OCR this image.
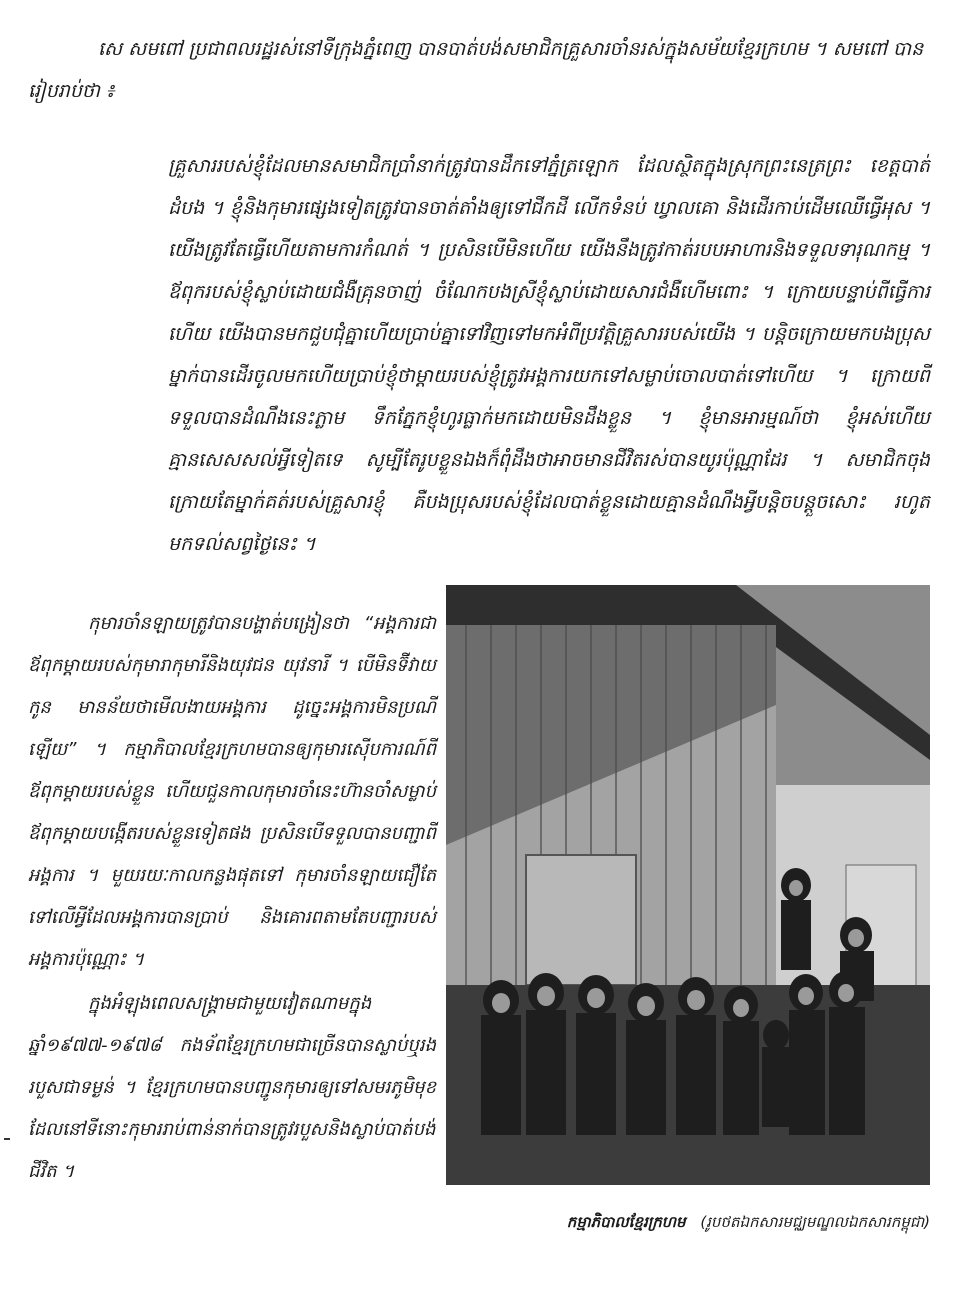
សេ សមពៅ ប្រជាពលរដ្ឋរស់នៅទីក្រុងភ្នំពេញ បានបាត់បង់សមាជិកគ្រួសារចាំនរស់ក្នុងសម័យខ្មែរក្រហម ។ សមពៅ បានរៀបរាប់ថា ៖

គ្រួសាររបស់ខ្ញុំដែលមានសមាជិកប្រាំនាក់ត្រូវបានដឹកទៅភ្នំត្រឡោក ដែលស្ថិតក្នុងស្រុកព្រះនេត្រព្រះ ខេត្តបាត់ដំបង ។ ខ្ញុំនិងកុមារផ្សេងទៀតត្រូវបានចាត់តាំងឲ្យទៅជីកដី លើកទំនប់ ឃ្វាលគោ និងដើរកាប់ដើមឈើធ្វើអុស ។ យើងត្រូវតែធ្វើហើយតាមការកំណត់ ។ ប្រសិនបើមិនហើយ យើងនឹងត្រូវកាត់របបអាហារនិងទទួលទារុណកម្ម ។ ឪពុករបស់ខ្ញុំស្លាប់ដោយជំងឺគ្រុនចាញ់ ចំណែកបងស្រីខ្ញុំស្លាប់ដោយសារជំងឺហើមពោះ ។ ក្រោយបន្ទាប់ពីធ្វើការហើយ យើងបានមកជួបជុំគ្នាហើយប្រាប់គ្នាទៅវិញទៅមកអំពីប្រវត្តិគ្រួសាររបស់យើង ។ បន្តិចក្រោយមកបងប្រុសម្នាក់បានដើរចូលមកហើយប្រាប់ខ្ញុំថាម្ដាយរបស់ខ្ញុំត្រូវអង្គការយកទៅសម្លាប់ចោលបាត់ទៅហើយ ។ ក្រោយពីទទួលបានដំណឹងនេះភ្លាម ទឹកភ្នែកខ្ញុំហូរធ្លាក់មកដោយមិនដឹងខ្លួន ។ ខ្ញុំមានអារម្មណ៍ថា ខ្ញុំអស់ហើយ គ្មានសេសសល់អ្វីទៀតទេ សូម្បីតែរូបខ្លួនឯងក៏ពុំដឹងថាអាចមានជីវិតរស់បានយូរប៉ុណ្ណាដែរ ។ សមាជិកចុងក្រោយតែម្នាក់គត់របស់គ្រួសារខ្ញុំ គឺបងប្រុសរបស់ខ្ញុំដែលបាត់ខ្លួនដោយគ្មានដំណឹងអ្វីបន្តិចបន្តួចសោះ រហូតមកទល់សព្វថ្ងៃនេះ ។

កុមារចាំនឡាយត្រូវបានបង្ហាត់បង្រៀនថា “អង្គការជាឪពុកម្ដាយរបស់កុមារាកុមារីនិងយុវជន យុវនារី ។ បើមិនទ៊ីវាយកូន មានន័យថាមើលងាយអង្គការ ដូច្នេះអង្គការមិនប្រណីឡើយ” ។ កម្មាភិបាលខ្មែរក្រហមបានឲ្យកុមារស៊ើបការណ៍ពីឪពុកម្ដាយរបស់ខ្លួន ហើយជួនកាលកុមារចាំនេះហ៊ានចាំសម្លាប់ឪពុកម្ដាយបង្កើតរបស់ខ្លួនទៀតផង ប្រសិនបើទទួលបានបញ្ជាពីអង្គការ ។ មួយរយៈកាលកន្លងផុតទៅ កុមារចាំនឡាយជឿតែទៅលើអ្វីដែលអង្គការបានប្រាប់ និងគោរពតាមតែបញ្ជារបស់អង្គការប៉ុណ្ណោះ ។

ក្នុងអំឡុងពេលសង្គ្រាមជាមួយវៀតណាមក្នុងឆ្នាំ១៩៧៧-១៩៧៨ កងទ័ពខ្មែរក្រហមជាច្រើនបានស្លាប់ឬរងរបួសជាទម្ងន់ ។ ខ្មែរក្រហមបានបញ្ជូនកុមារឲ្យទៅសមរភូមិមុខ ដែលនៅទីនោះកុមាររាប់ពាន់នាក់បានត្រូវរបួសនិងស្លាប់បាត់បង់ជីវិត ។

កម្មាភិបាលខ្មែរក្រហម (រូបថតឯកសារមជ្ឈមណ្ឌលឯកសារកម្ពុជា)
